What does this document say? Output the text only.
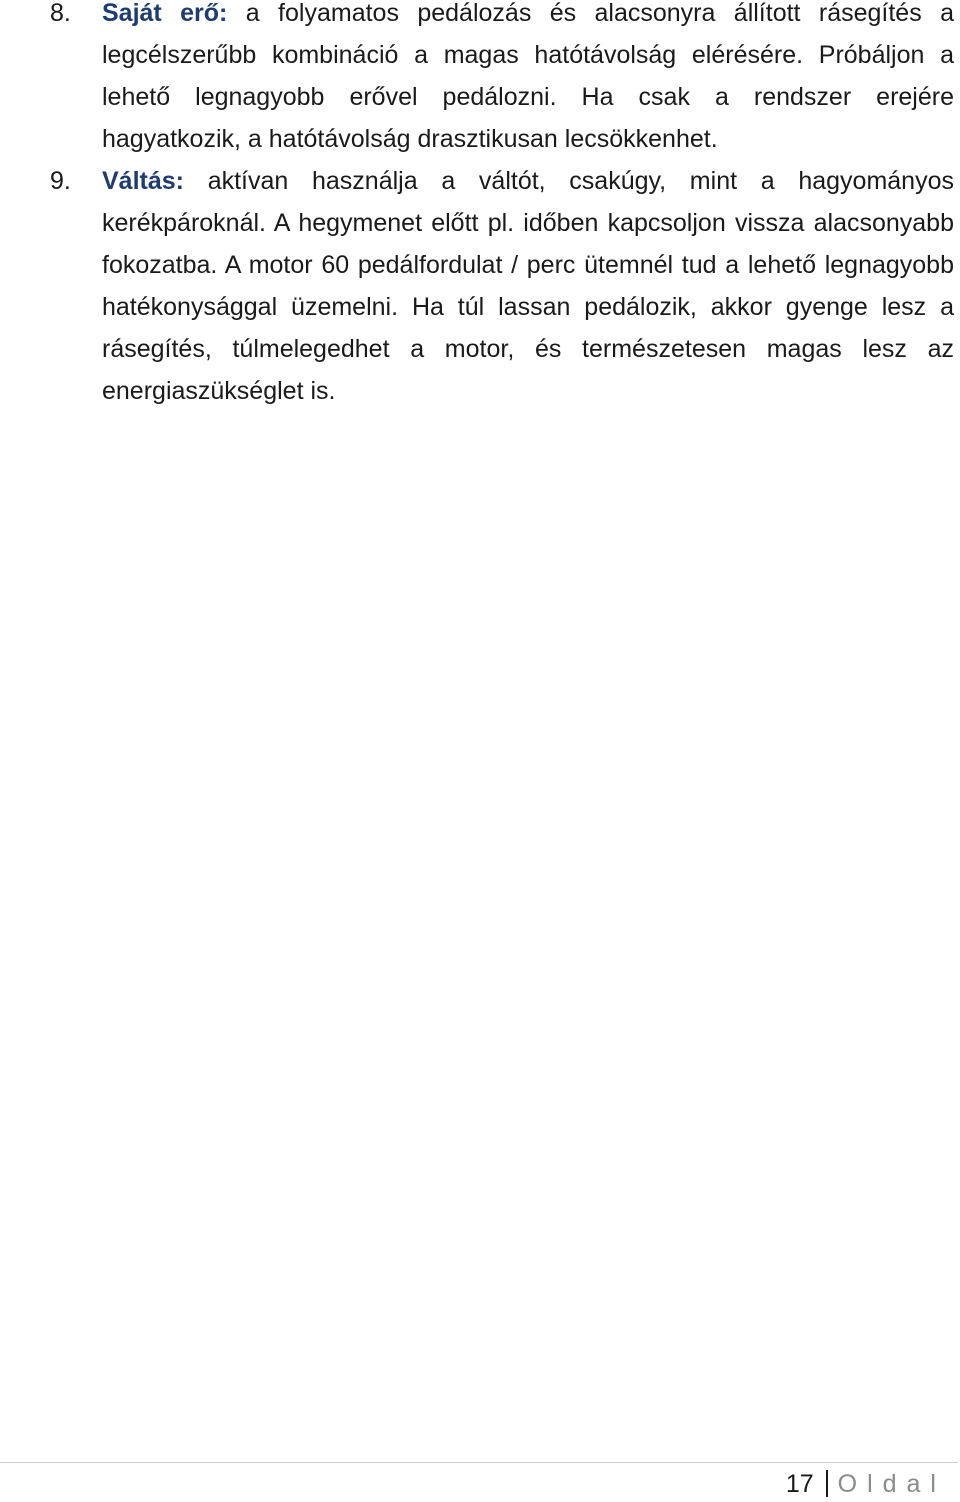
8. Saját erő: a folyamatos pedálozás és alacsonyra állított rásegítés a legcélszerűbb kombináció a magas hatótávolság elérésére. Próbáljon a lehető legnagyobb erővel pedálozni. Ha csak a rendszer erejére hagyatkozik, a hatótávolság drasztikusan lecsökkenhet.
9. Váltás: aktívan használja a váltót, csakúgy, mint a hagyományos kerékpároknál. A hegymenet előtt pl. időben kapcsoljon vissza alacsonyabb fokozatba. A motor 60 pedálfordulat / perc ütemnél tud a lehető legnagyobb hatékonysággal üzemelni. Ha túl lassan pedálozik, akkor gyenge lesz a rásegítés, túlmelegedhet a motor, és természetesen magas lesz az energiaszükséglet is.
17 Oldal
